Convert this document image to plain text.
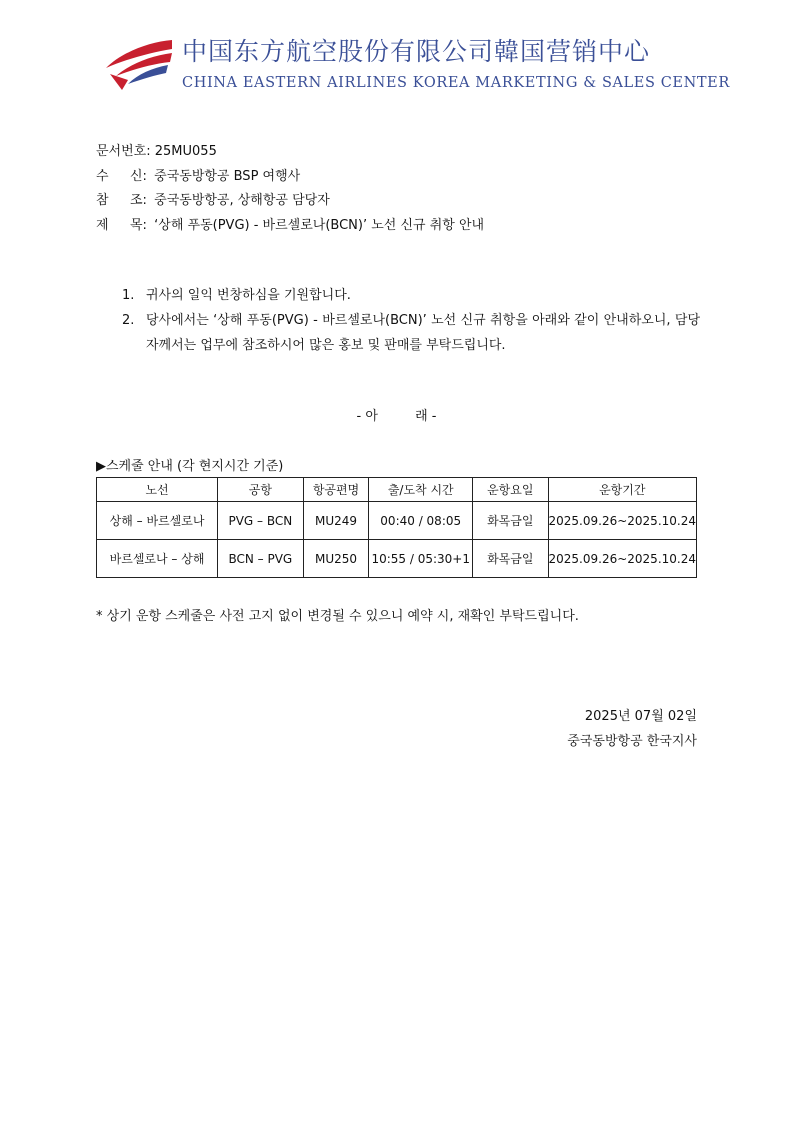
中国东方航空股份有限公司韓国营销中心
CHINA EASTERN AIRLINES KOREA MARKETING & SALES CENTER
문서번호: 25MU055
수 신: 중국동방항공 BSP 여행사
참 조: 중국동방항공, 상해항공 담당자
제 목: ‘상해 푸동(PVG) - 바르셀로나(BCN)’ 노선 신규 취항 안내
1. 귀사의 일익 번창하심을 기원합니다.
2. 당사에서는 ‘상해 푸동(PVG) - 바르셀로나(BCN)’ 노선 신규 취항을 아래와 같이 안내하오니, 담당자께서는 업무에 참조하시어 많은 홍보 및 판매를 부탁드립니다.
- 아         래 -
▶스케줄 안내 (각 현지시간 기준)
노선	공항	항공편명	출/도착 시간	운항요일	운항기간
상해 – 바르셀로나	PVG – BCN	MU249	00:40 / 08:05	화목금일	2025.09.26~2025.10.24
바르셀로나 – 상해	BCN – PVG	MU250	10:55 / 05:30+1	화목금일	2025.09.26~2025.10.24
* 상기 운항 스케줄은 사전 고지 없이 변경될 수 있으니 예약 시, 재확인 부탁드립니다.
2025년 07월 02일
중국동방항공 한국지사
